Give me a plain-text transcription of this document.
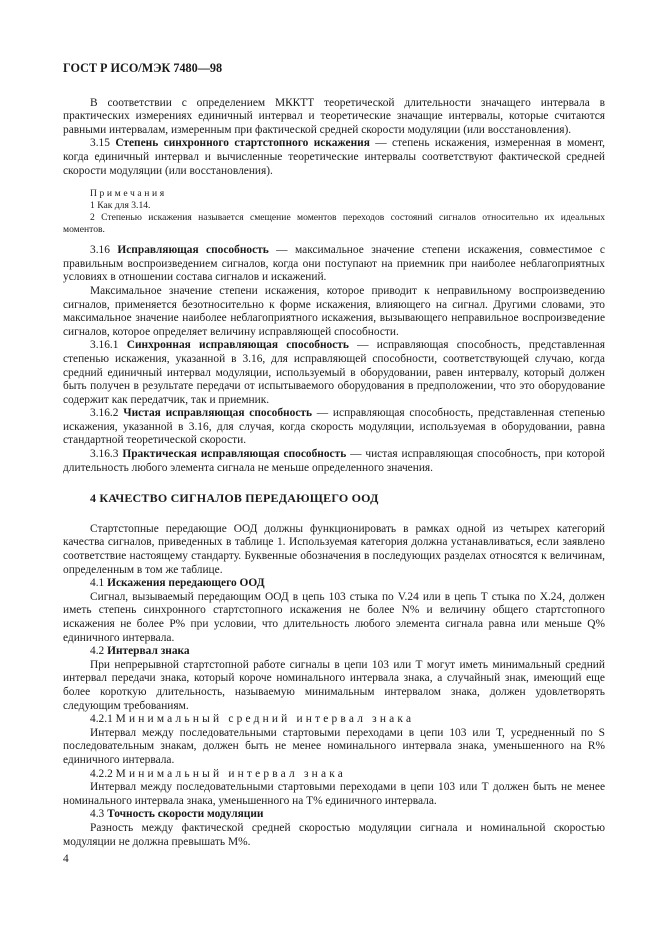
ГОСТ Р ИСО/МЭК 7480—98

В соответствии с определением МККТТ теоретической длительности значащего интервала в практических измерениях единичный интервал и теоретические значащие интервалы, которые считаются равными интервалам, измеренным при фактической средней скорости модуляции (или восстановления).

3.15 Степень синхронного стартстопного искажения — степень искажения, измеренная в момент, когда единичный интервал и вычисленные теоретические интервалы соответствуют фактической средней скорости модуляции (или восстановления).

Примечания

1 Как для 3.14.

2 Степенью искажения называется смещение моментов переходов состояний сигналов относительно их идеальных моментов.

3.16 Исправляющая способность — максимальное значение степени искажения, совместимое с правильным воспроизведением сигналов, когда они поступают на приемник при наиболее неблагоприятных условиях в отношении состава сигналов и искажений.

Максимальное значение степени искажения, которое приводит к неправильному воспроизведению сигналов, применяется безотносительно к форме искажения, влияющего на сигнал. Другими словами, это максимальное значение наиболее неблагоприятного искажения, вызывающего неправильное воспроизведение сигналов, которое определяет величину исправляющей способности.

3.16.1 Синхронная исправляющая способность — исправляющая способность, представленная степенью искажения, указанной в 3.16, для исправляющей способности, соответствующей случаю, когда средний единичный интервал модуляции, используемый в оборудовании, равен интервалу, который должен быть получен в результате передачи от испытываемого оборудования в предположении, что это оборудование содержит как передатчик, так и приемник.

3.16.2 Чистая исправляющая способность — исправляющая способность, представленная степенью искажения, указанной в 3.16, для случая, когда скорость модуляции, используемая в оборудовании, равна стандартной теоретической скорости.

3.16.3 Практическая исправляющая способность — чистая исправляющая способность, при которой длительность любого элемента сигнала не меньше определенного значения.

4 КАЧЕСТВО СИГНАЛОВ ПЕРЕДАЮЩЕГО ООД

Стартстопные передающие ООД должны функционировать в рамках одной из четырех категорий качества сигналов, приведенных в таблице 1. Используемая категория должна устанавливаться, если заявлено соответствие настоящему стандарту. Буквенные обозначения в последующих разделах относятся к величинам, определенным в том же таблице.

4.1 Искажения передающего ООД

Сигнал, вызываемый передающим ООД в цепь 103 стыка по V.24 или в цепь Т стыка по X.24, должен иметь степень синхронного стартстопного искажения не более N% и величину общего стартстопного искажения не более Р% при условии, что длительность любого элемента сигнала равна или меньше Q% единичного интервала.

4.2 Интервал знака

При непрерывной стартстопной работе сигналы в цепи 103 или Т могут иметь минимальный средний интервал передачи знака, который короче номинального интервала знака, а случайный знак, имеющий еще более короткую длительность, называемую минимальным интервалом знака, должен удовлетворять следующим требованиям.

4.2.1 Минимальный средний интервал знака

Интервал между последовательными стартовыми переходами в цепи 103 или Т, усредненный по S последовательным знакам, должен быть не менее номинального интервала знака, уменьшенного на R% единичного интервала.

4.2.2 Минимальный интервал знака

Интервал между последовательными стартовыми переходами в цепи 103 или Т должен быть не менее номинального интервала знака, уменьшенного на Т% единичного интервала.

4.3 Точность скорости модуляции

Разность между фактической средней скоростью модуляции сигнала и номинальной скоростью модуляции не должна превышать М%.

4
